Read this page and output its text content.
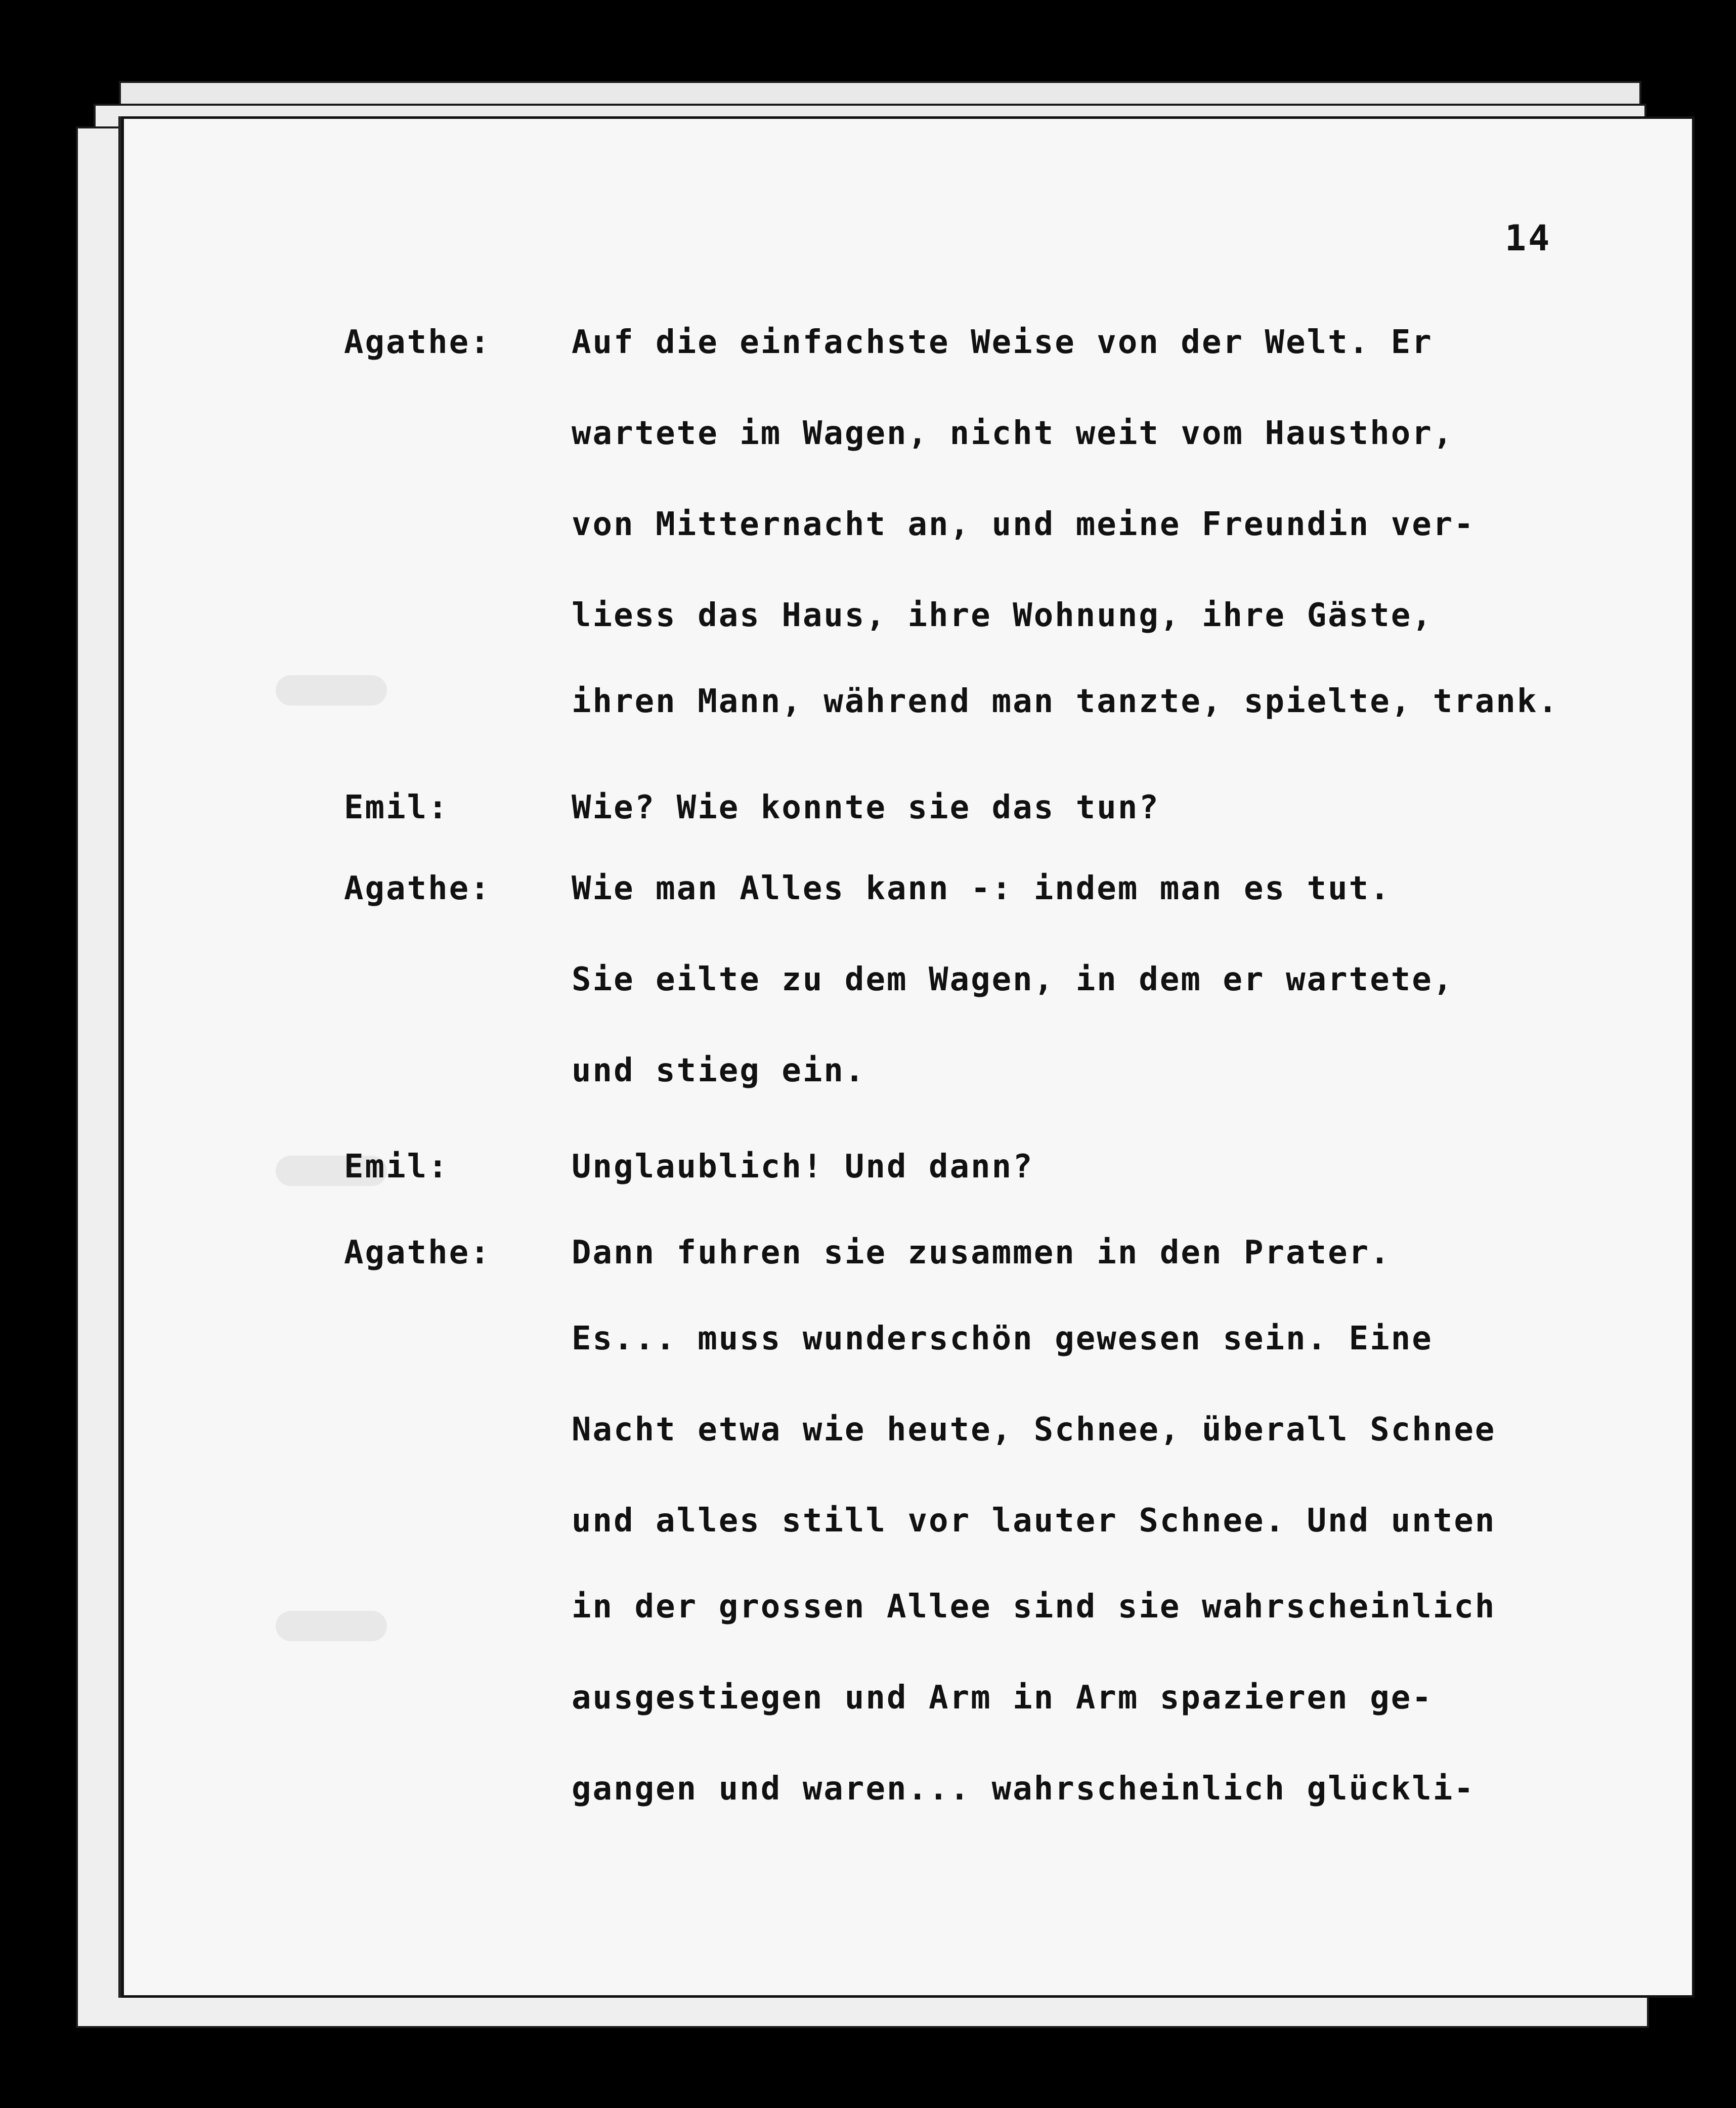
14
Agathe: Auf die einfachste Weise von der Welt. Er
wartete im Wagen, nicht weit vom Hausthor,
von Mitternacht an, und meine Freundin ver-
liess das Haus, ihre Wohnung, ihre Gäste,
ihren Mann, während man tanzte, spielte, trank.
Emil:	Wie? Wie konnte sie das tun?
Agathe: Wie man Alles kann -: indem man es tut.
Sie eilte zu dem Wagen, in dem er wartete,
und stieg ein.
Emil:	Unglaublich! Und dann?
Agathe: Dann fuhren sie zusammen in den Prater.
Es... muss wunderschön gewesen sein. Eine
Nacht etwa wie heute, Schnee, überall Schnee
und alles still vor lauter Schnee. Und unten
in der grossen Allee sind sie wahrscheinlich
ausgestiegen und Arm in Arm spazieren ge-
gangen und waren... wahrscheinlich glückli-
